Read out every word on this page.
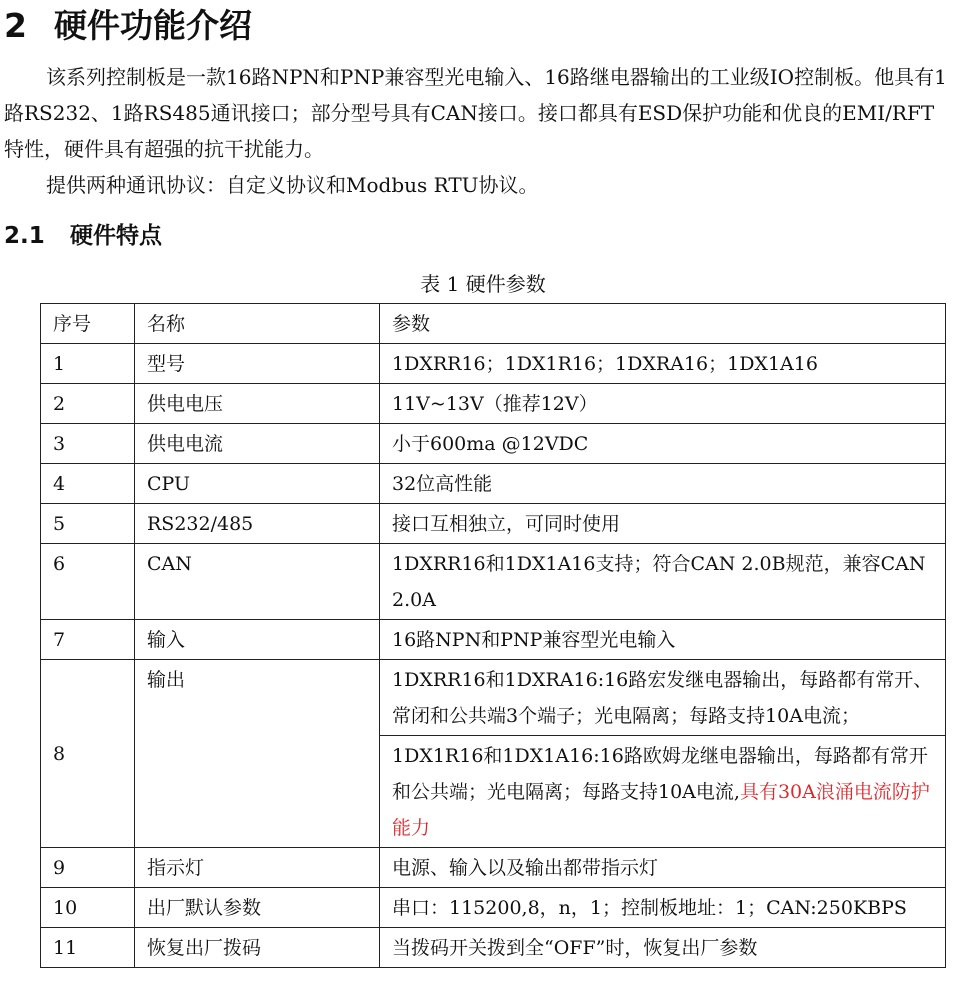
2 硬件功能介绍

该系列控制板是一款16路NPN和PNP兼容型光电输入、16路继电器输出的工业级IO控制板。他具有1路RS232、1路RS485通讯接口；部分型号具有CAN接口。接口都具有ESD保护功能和优良的EMI/RFT特性，硬件具有超强的抗干扰能力。

提供两种通讯协议：自定义协议和Modbus RTU协议。

2.1 硬件特点
表 1 硬件参数
序号	名称	参数
1	型号	1DXRR16；1DX1R16；1DXRA16；1DX1A16
2	供电电压	11V~13V（推荐12V）
3	供电电流	小于600ma @12VDC
4	CPU	32位高性能
5	RS232/485	接口互相独立，可同时使用
6	CAN	1DXRR16和1DX1A16支持；符合CAN 2.0B规范，兼容CAN 2.0A
7	输入	16路NPN和PNP兼容型光电输入
8	输出	1DXRR16和1DXRA16:16路宏发继电器输出，每路都有常开、常闭和公共端3个端子；光电隔离；每路支持10A电流；
		1DX1R16和1DX1A16:16路欧姆龙继电器输出，每路都有常开和公共端；光电隔离；每路支持10A电流,具有30A浪涌电流防护能力
9	指示灯	电源、输入以及输出都带指示灯
10	出厂默认参数	串口：115200,8，n，1；控制板地址：1；CAN:250KBPS
11	恢复出厂拨码	当拨码开关拨到全“OFF”时，恢复出厂参数
